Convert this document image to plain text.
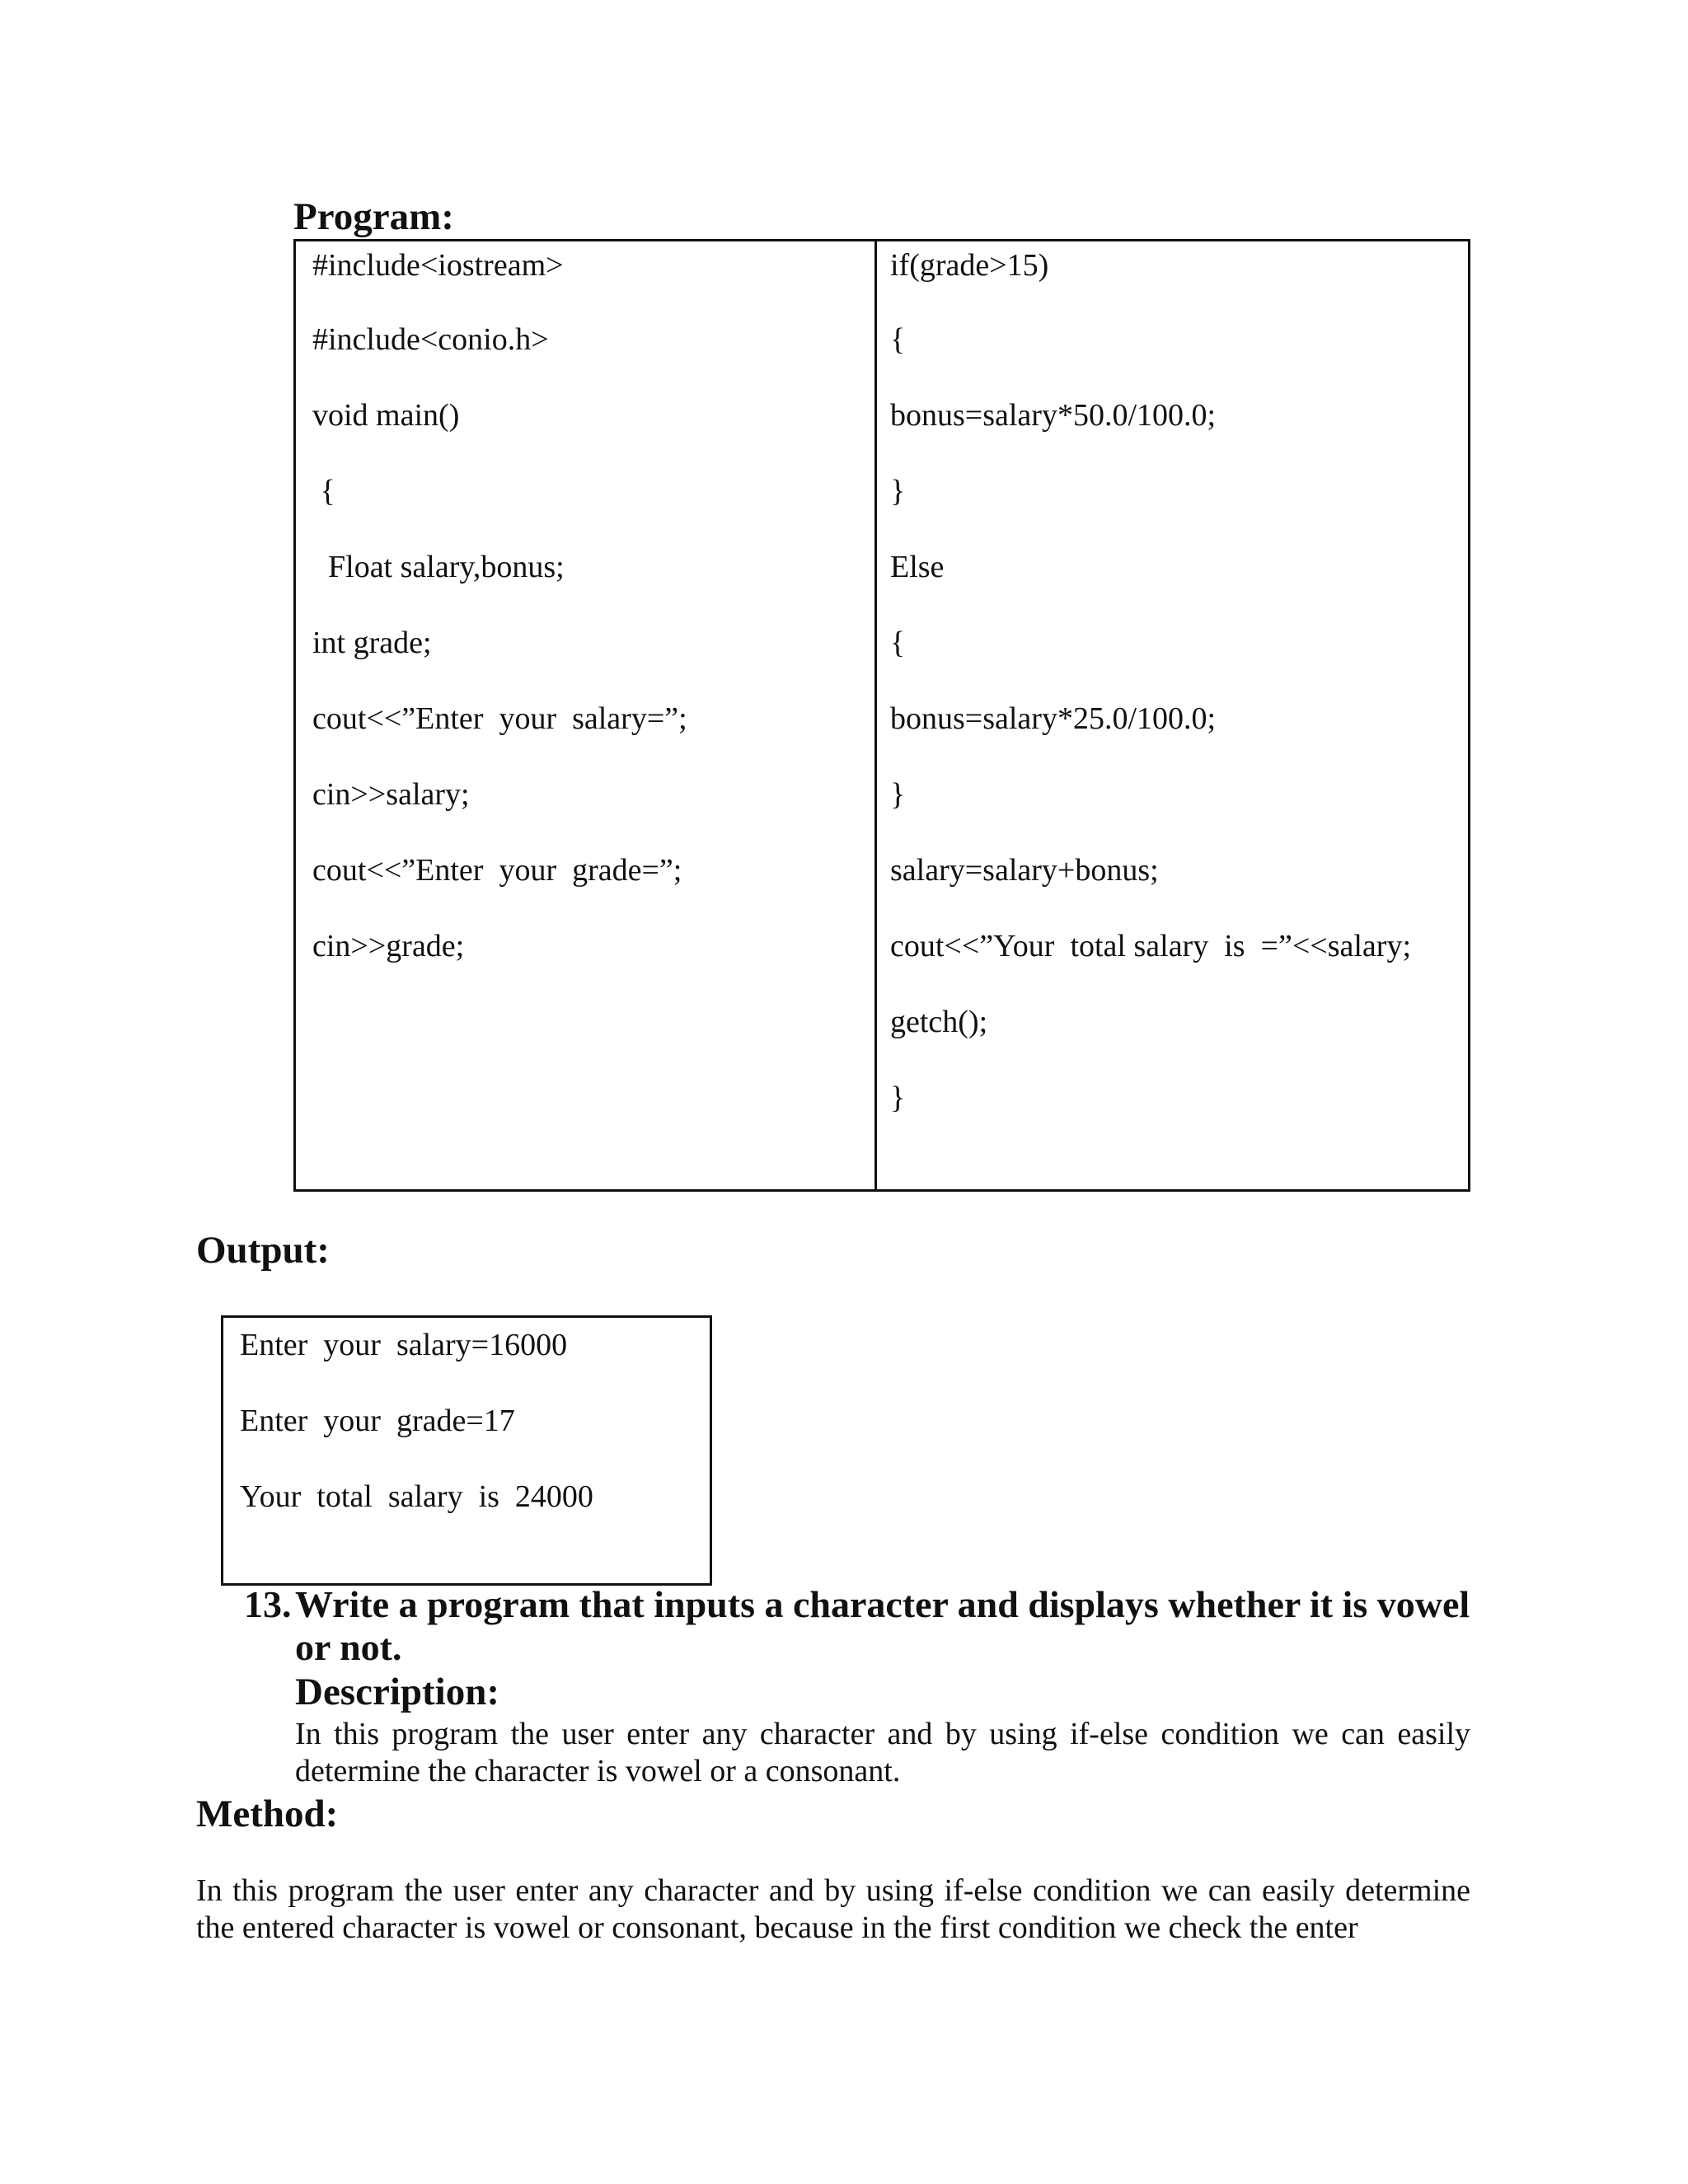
Program:
#include<iostream>
#include<conio.h>
void main()
{
Float salary,bonus;
int grade;
cout<<”Enter  your  salary=”;
cin>>salary;
cout<<”Enter  your  grade=”;
cin>>grade;
if(grade>15)
{
bonus=salary*50.0/100.0;
}
Else
{
bonus=salary*25.0/100.0;
}
salary=salary+bonus;
cout<<”Your  total salary  is  =”<<salary;
getch();
}
Output:
Enter  your  salary=16000
Enter  your  grade=17
Your  total  salary  is  24000
13. Write a program that inputs a character and displays whether it is vowel
or not.
Description:
In this program the user enter any character and by using if-else condition we can easily determine the character is vowel or a consonant.
Method:
In this program the user enter any character and by using if-else condition we can easily determine the entered character is vowel or consonant, because in the first condition we check the enter
